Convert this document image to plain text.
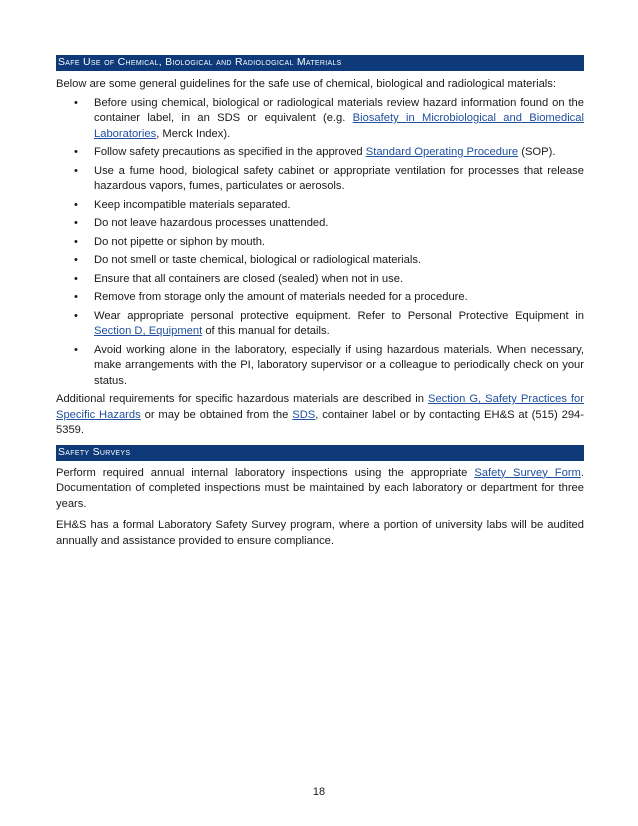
Safe Use of Chemical, Biological and Radiological Materials

Below are some general guidelines for the safe use of chemical, biological and radiological materials:

• Before using chemical, biological or radiological materials review hazard information found on the container label, in an SDS or equivalent (e.g. Biosafety in Microbiological and Biomedical Laboratories, Merck Index).
• Follow safety precautions as specified in the approved Standard Operating Procedure (SOP).
• Use a fume hood, biological safety cabinet or appropriate ventilation for processes that release hazardous vapors, fumes, particulates or aerosols.
• Keep incompatible materials separated.
• Do not leave hazardous processes unattended.
• Do not pipette or siphon by mouth.
• Do not smell or taste chemical, biological or radiological materials.
• Ensure that all containers are closed (sealed) when not in use.
• Remove from storage only the amount of materials needed for a procedure.
• Wear appropriate personal protective equipment. Refer to Personal Protective Equipment in Section D, Equipment of this manual for details.
• Avoid working alone in the laboratory, especially if using hazardous materials. When necessary, make arrangements with the PI, laboratory supervisor or a colleague to periodically check on your status.

Additional requirements for specific hazardous materials are described in Section G, Safety Practices for Specific Hazards or may be obtained from the SDS, container label or by contacting EH&S at (515) 294-5359.

Safety Surveys

Perform required annual internal laboratory inspections using the appropriate Safety Survey Form. Documentation of completed inspections must be maintained by each laboratory or department for three years.

EH&S has a formal Laboratory Safety Survey program, where a portion of university labs will be audited annually and assistance provided to ensure compliance.

18
